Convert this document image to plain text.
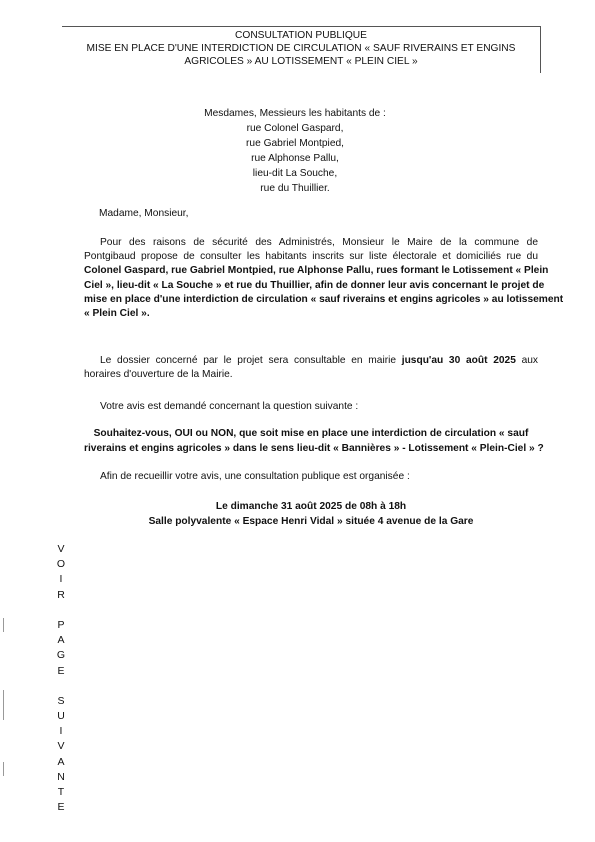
CONSULTATION PUBLIQUE
MISE EN PLACE D'UNE INTERDICTION DE CIRCULATION « SAUF RIVERAINS ET ENGINS
AGRICOLES » AU LOTISSEMENT « PLEIN CIEL »
Mesdames, Messieurs les habitants de :
rue Colonel Gaspard,
rue Gabriel Montpied,
rue Alphonse Pallu,
lieu-dit La Souche,
rue du Thuillier.
Madame, Monsieur,
Pour des raisons de sécurité des Administrés, Monsieur le Maire de la commune de
Pontgibaud propose de consulter les habitants inscrits sur liste électorale et domiciliés rue du
Colonel Gaspard, rue Gabriel Montpied, rue Alphonse Pallu, rues formant le Lotissement « Plein
Ciel », lieu-dit « La Souche » et rue du Thuillier, afin de donner leur avis concernant le projet de
mise en place d'une interdiction de circulation « sauf riverains et engins agricoles » au lotissement
« Plein Ciel ».
Le dossier concerné par le projet sera consultable en mairie jusqu'au 30 août 2025 aux
horaires d'ouverture de la Mairie.
Votre avis est demandé concernant la question suivante :
Souhaitez-vous, OUI ou NON, que soit mise en place une interdiction de circulation « sauf
riverains et engins agricoles » dans le sens lieu-dit « Bannières » - Lotissement « Plein-Ciel » ?
Afin de recueillir votre avis, une consultation publique est organisée :
Le dimanche 31 août 2025 de 08h à 18h
Salle polyvalente « Espace Henri Vidal » située 4 avenue de la Gare
V
O
I
R
P
A
G
E
S
U
I
V
A
N
T
E
